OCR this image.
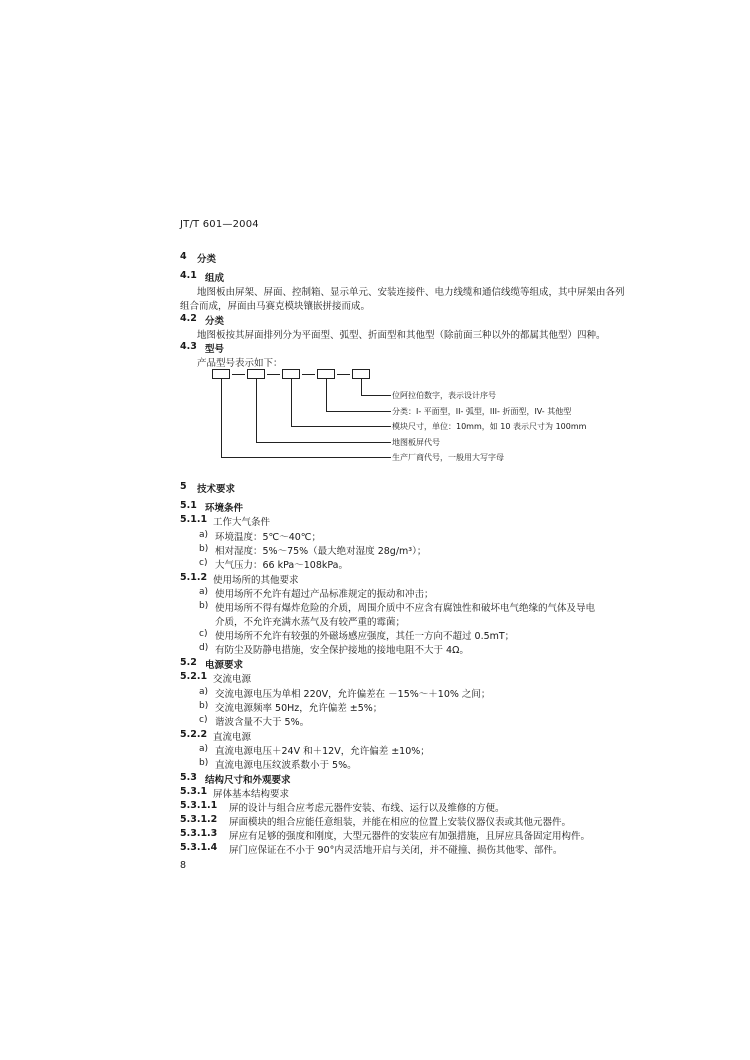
JT/T 601—2004
4 分类
4.1 组成
地图板由屏架、屏面、控制箱、显示单元、安装连接件、电力线缆和通信线缆等组成，其中屏架由各列
组合而成，屏面由马赛克模块镶嵌拼接而成。
4.2 分类
地图板按其屏面排列分为平面型、弧型、折面型和其他型（除前面三种以外的都属其他型）四种。
4.3 型号
产品型号表示如下：
位阿拉伯数字，表示设计序号
分类：I- 平面型，II- 弧型，III- 折面型，IV- 其他型
模块尺寸，单位：10mm，如 10 表示尺寸为 100mm
地图板屏代号
生产厂商代号，一般用大写字母
5 技术要求
5.1 环境条件
5.1.1 工作大气条件
a) 环境温度：5℃～40℃；
b) 相对湿度：5%～75%（最大绝对湿度 28g/m³）；
c) 大气压力：66 kPa～108kPa。
5.1.2 使用场所的其他要求
a) 使用场所不允许有超过产品标准规定的振动和冲击；
b) 使用场所不得有爆炸危险的介质，周围介质中不应含有腐蚀性和破坏电气绝缘的气体及导电
介质，不允许充满水蒸气及有较严重的霉菌；
c) 使用场所不允许有较强的外磁场感应强度，其任一方向不超过 0.5mT；
d) 有防尘及防静电措施，安全保护接地的接地电阻不大于 4Ω。
5.2 电源要求
5.2.1 交流电源
a) 交流电源电压为单相 220V，允许偏差在 －15%～＋10% 之间；
b) 交流电源频率 50Hz，允许偏差 ±5%；
c) 谐波含量不大于 5%。
5.2.2 直流电源
a) 直流电源电压＋24V 和＋12V，允许偏差 ±10%；
b) 直流电源电压纹波系数小于 5%。
5.3 结构尺寸和外观要求
5.3.1 屏体基本结构要求
5.3.1.1 屏的设计与组合应考虑元器件安装、布线、运行以及维修的方便。
5.3.1.2 屏面模块的组合应能任意组装，并能在相应的位置上安装仪器仪表或其他元器件。
5.3.1.3 屏应有足够的强度和刚度，大型元器件的安装应有加强措施，且屏应具备固定用构件。
5.3.1.4 屏门应保证在不小于 90°内灵活地开启与关闭，并不碰撞、损伤其他零、部件。
8
